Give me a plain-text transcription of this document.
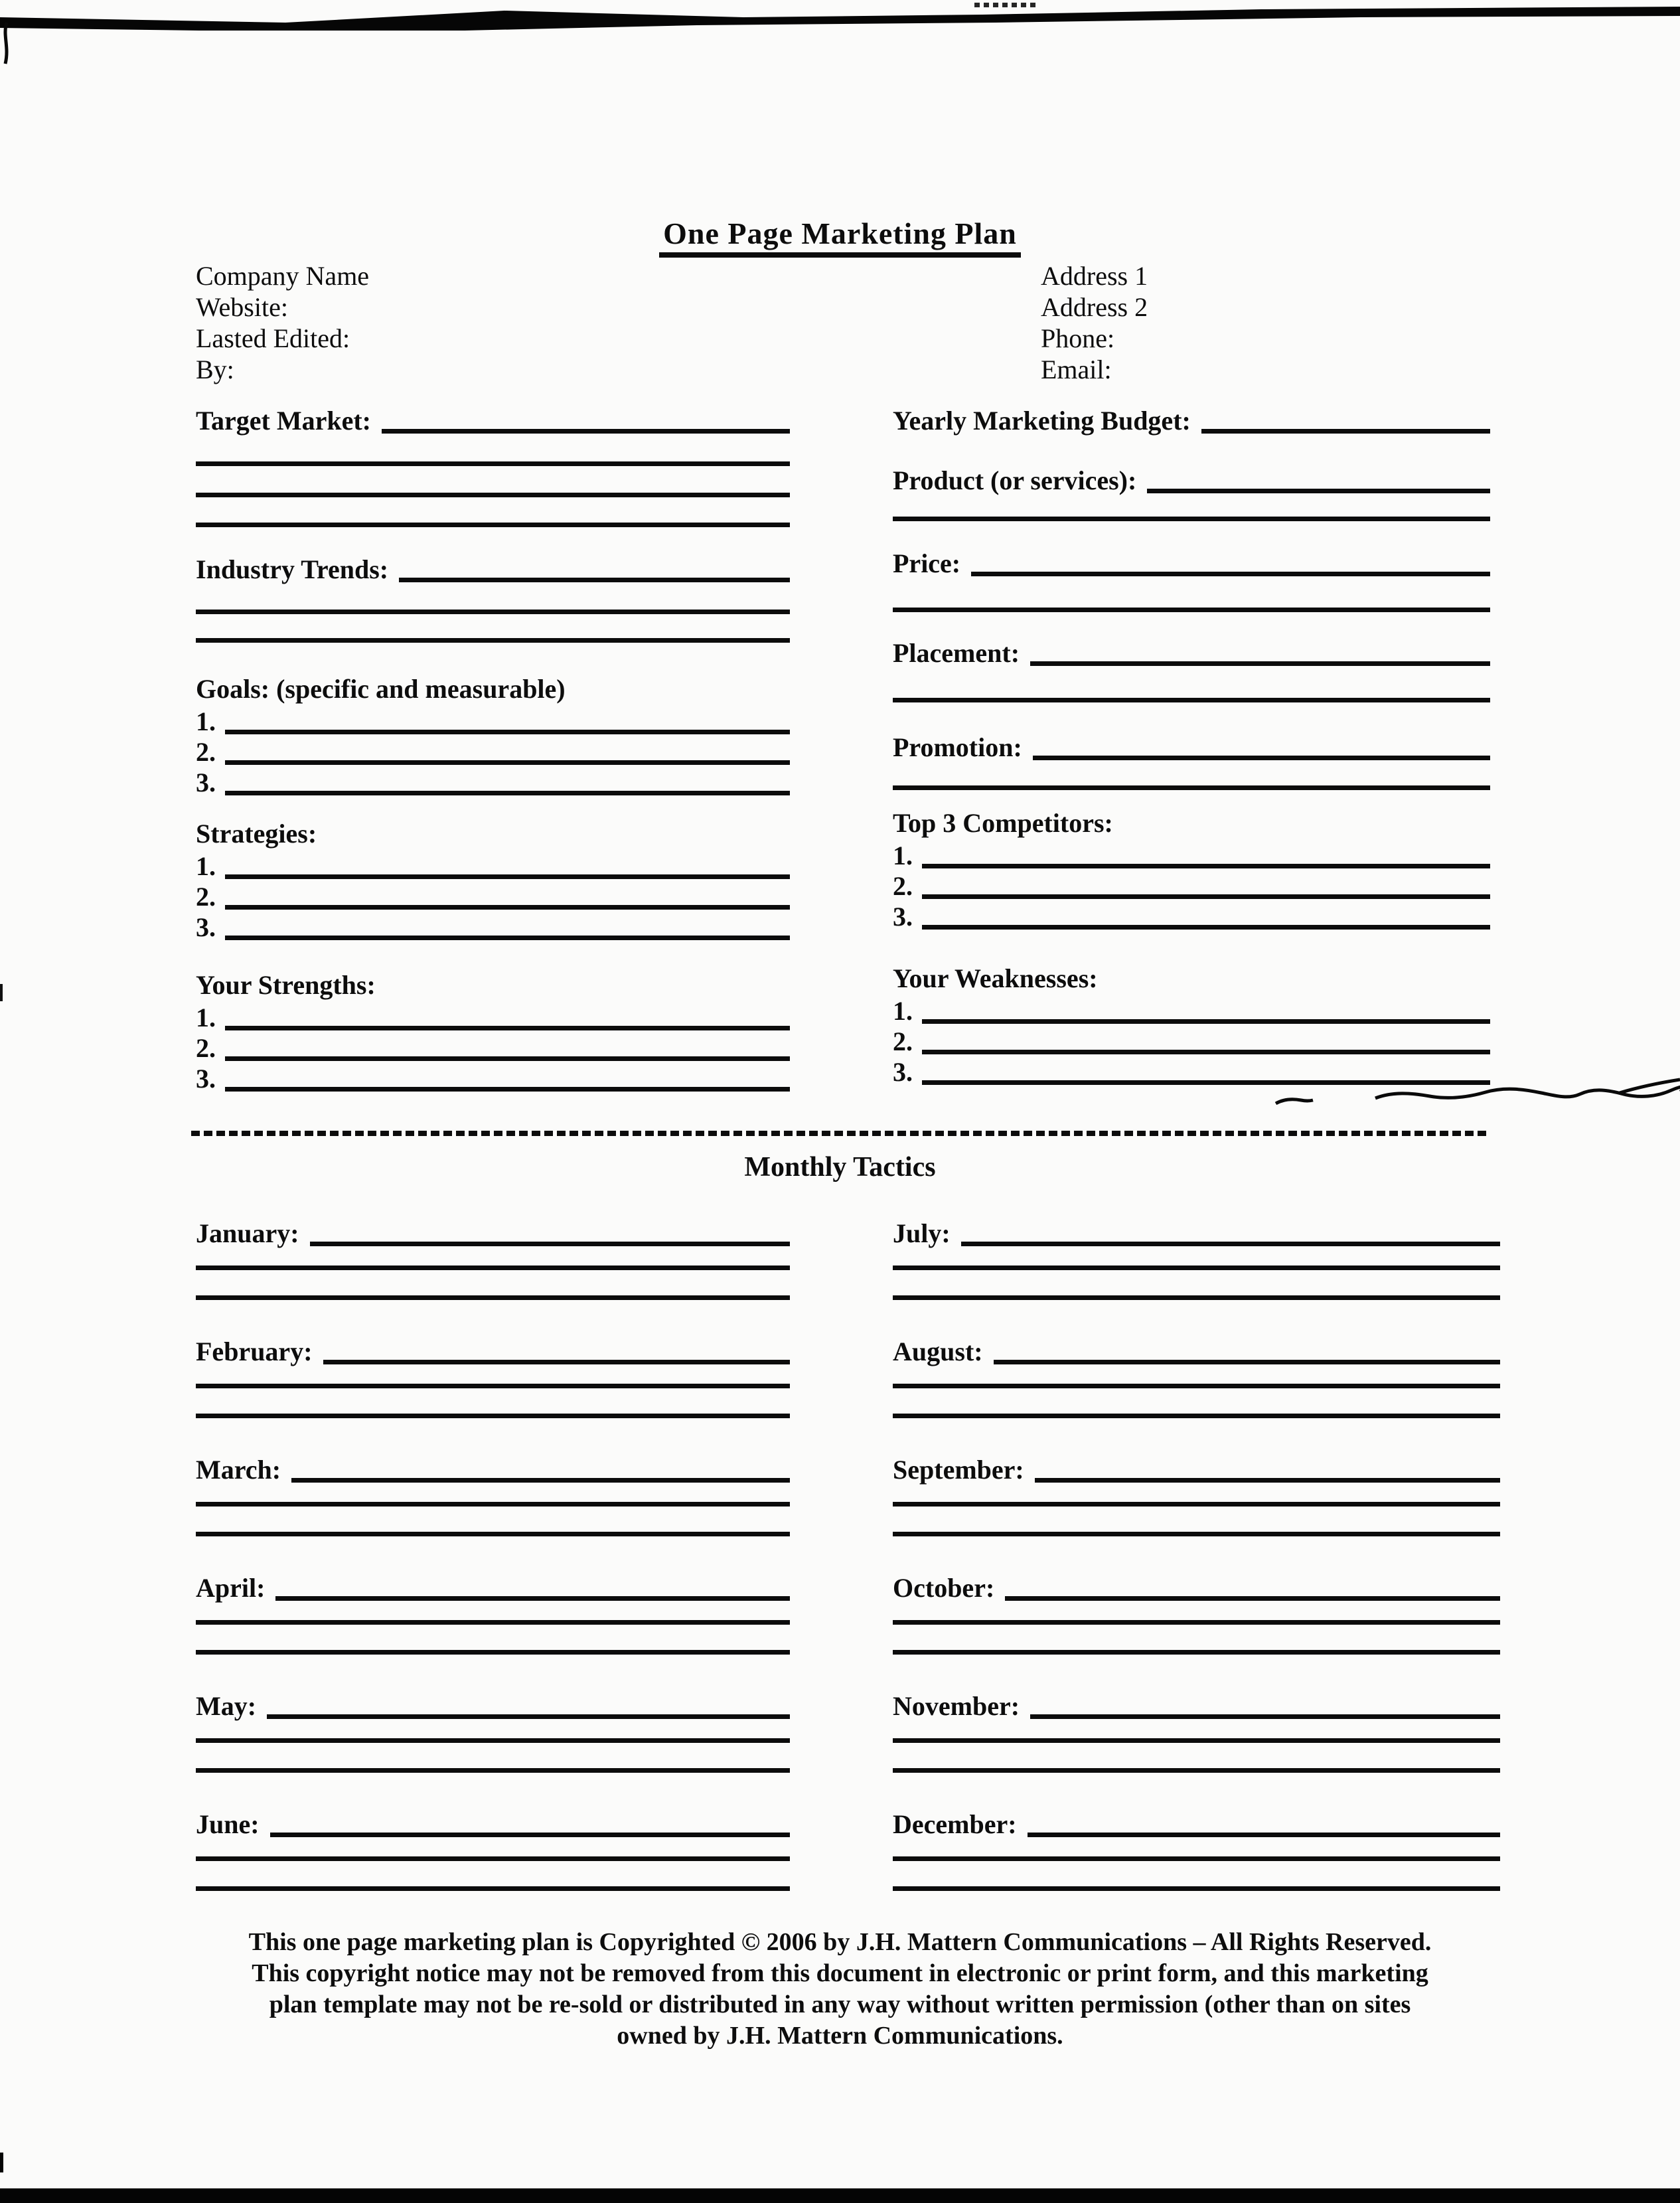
One Page Marketing Plan
Company Name
Website:
Lasted Edited:
By:
Address 1
Address 2
Phone:
Email:
Target Market:
Industry Trends:
Goals: (specific and measurable)
1.
2.
3.
Strategies:
1.
2.
3.
Your Strengths:
1.
2.
3.
Yearly Marketing Budget:
Product (or services):
Price:
Placement:
Promotion:
Top 3 Competitors:
1.
2.
3.
Your Weaknesses:
1.
2.
3.
Monthly Tactics
January:
February:
March:
April:
May:
June:
July:
August:
September:
October:
November:
December:
This one page marketing plan is Copyrighted © 2006 by J.H. Mattern Communications – All Rights Reserved.
This copyright notice may not be removed from this document in electronic or print form, and this marketing
plan template may not be re-sold or distributed in any way without written permission (other than on sites
owned by J.H. Mattern Communications.
